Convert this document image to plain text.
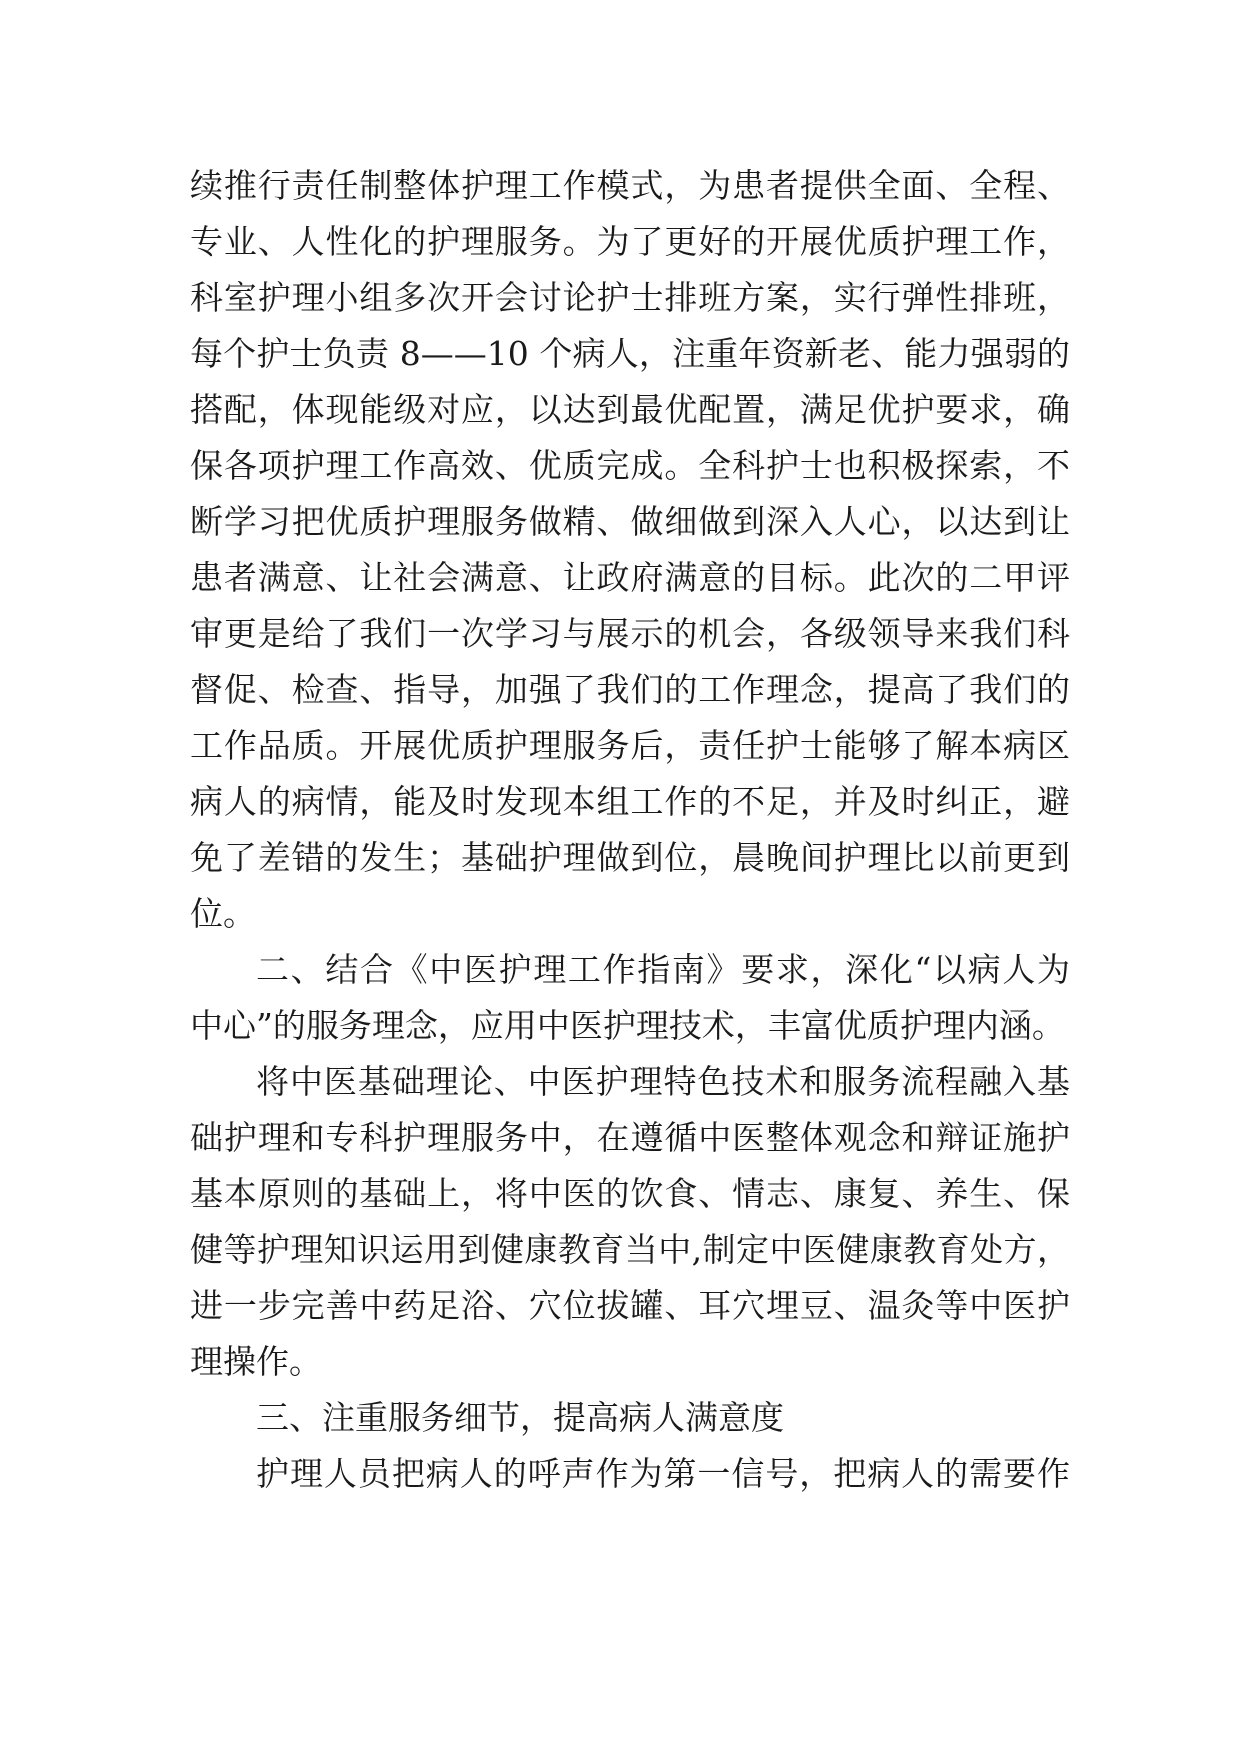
续推行责任制整体护理工作模式，为患者提供全面、全程、
专业、人性化的护理服务。为了更好的开展优质护理工作，
科室护理小组多次开会讨论护士排班方案，实行弹性排班，
每个护士负责 8——10 个病人，注重年资新老、能力强弱的
搭配，体现能级对应，以达到最优配置，满足优护要求，确
保各项护理工作高效、优质完成。全科护士也积极探索，不
断学习把优质护理服务做精、做细做到深入人心，以达到让
患者满意、让社会满意、让政府满意的目标。此次的二甲评
审更是给了我们一次学习与展示的机会，各级领导来我们科
督促、检查、指导，加强了我们的工作理念，提高了我们的
工作品质。开展优质护理服务后，责任护士能够了解本病区
病人的病情，能及时发现本组工作的不足，并及时纠正，避
免了差错的发生；基础护理做到位，晨晚间护理比以前更到
位。
二、结合《中医护理工作指南》要求，深化“以病人为
中心”的服务理念，应用中医护理技术，丰富优质护理内涵。
将中医基础理论、中医护理特色技术和服务流程融入基
础护理和专科护理服务中，在遵循中医整体观念和辩证施护
基本原则的基础上，将中医的饮食、情志、康复、养生、保
健等护理知识运用到健康教育当中,制定中医健康教育处方，
进一步完善中药足浴、穴位拔罐、耳穴埋豆、温灸等中医护
理操作。
三、注重服务细节，提高病人满意度
护理人员把病人的呼声作为第一信号，把病人的需要作
